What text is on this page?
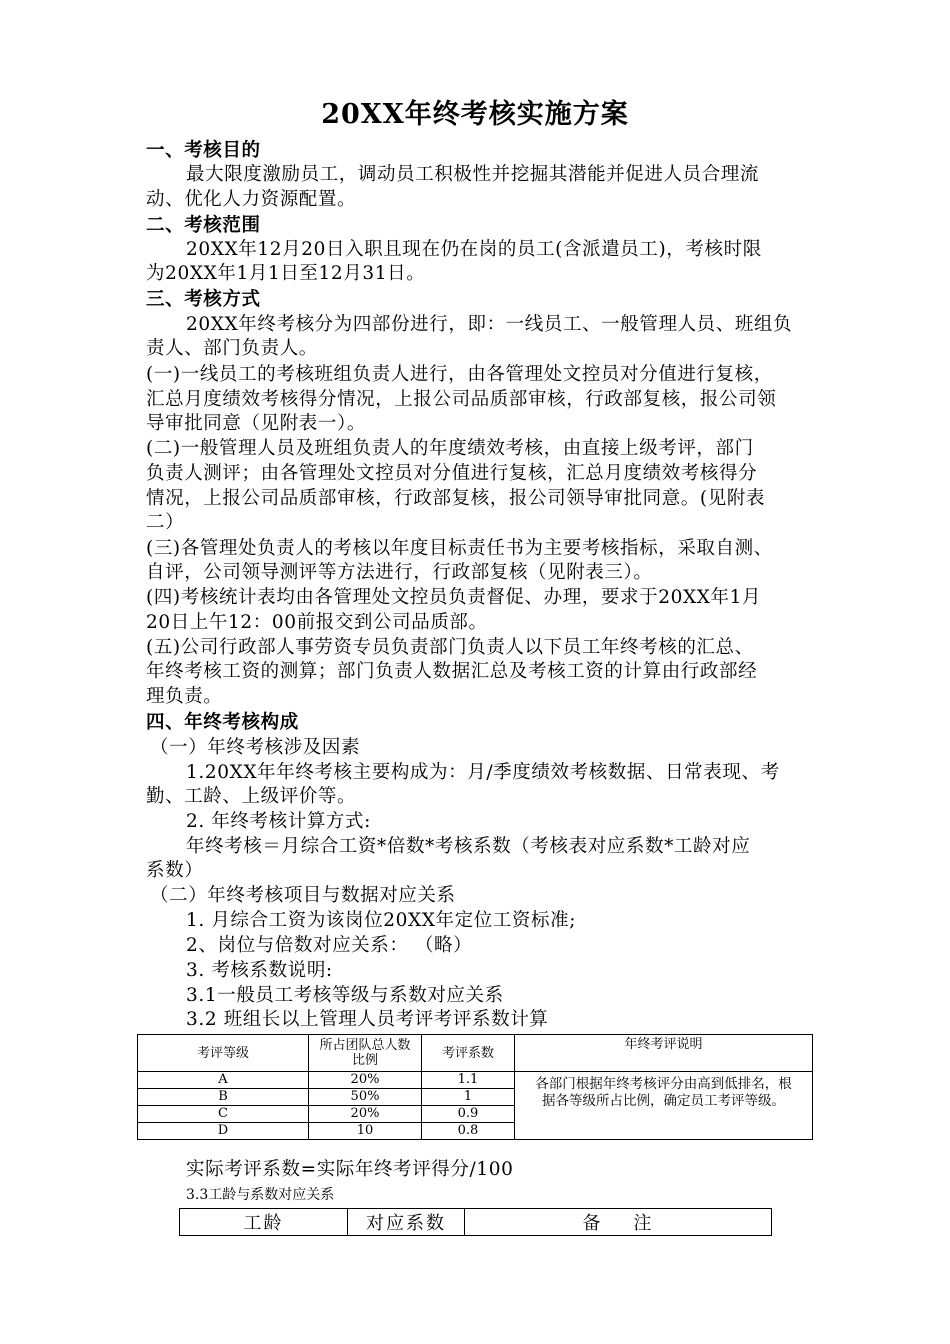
20XX年终考核实施方案
一、考核目的
最大限度激励员工，调动员工积极性并挖掘其潜能并促进人员合理流
动、优化人力资源配置。
二、考核范围
20XX年12月20日入职且现在仍在岗的员工(含派遣员工)，考核时限
为20XX年1月1日至12月31日。
三、考核方式
20XX年终考核分为四部份进行，即：一线员工、一般管理人员、班组负
责人、部门负责人。
(一)一线员工的考核班组负责人进行，由各管理处文控员对分值进行复核，
汇总月度绩效考核得分情况，上报公司品质部审核，行政部复核，报公司领
导审批同意（见附表一）。
(二)一般管理人员及班组负责人的年度绩效考核，由直接上级考评，部门
负责人测评；由各管理处文控员对分值进行复核，汇总月度绩效考核得分
情况，上报公司品质部审核，行政部复核，报公司领导审批同意。(见附表
二）
(三)各管理处负责人的考核以年度目标责任书为主要考核指标，采取自测、
自评，公司领导测评等方法进行，行政部复核（见附表三）。
(四)考核统计表均由各管理处文控员负责督促、办理，要求于20XX年1月
20日上午12：00前报交到公司品质部。
(五)公司行政部人事劳资专员负责部门负责人以下员工年终考核的汇总、
年终考核工资的测算；部门负责人数据汇总及考核工资的计算由行政部经
理负责。
四、年终考核构成
（一）年终考核涉及因素
1.20XX年年终考核主要构成为：月/季度绩效考核数据、日常表现、考
勤、工龄、上级评价等。
2. 年终考核计算方式:
年终考核＝月综合工资*倍数*考核系数（考核表对应系数*工龄对应
系数）
（二）年终考核项目与数据对应关系
1. 月综合工资为该岗位20XX年定位工资标准;
2、岗位与倍数对应关系： （略）
3. 考核系数说明:
3.1一般员工考核等级与系数对应关系
3.2 班组长以上管理人员考评考评系数计算
考评等级	所占团队总人数比例	考评系数	年终考评说明
A	20%	1.1	各部门根据年终考核评分由高到低排名，根据各等级所占比例，确定员工考评等级。
B	50%	1	
C	20%	0.9	
D	10	0.8	
实际考评系数=实际年终考评得分/100
3.3工龄与系数对应关系
工龄	对应系数	备    注
